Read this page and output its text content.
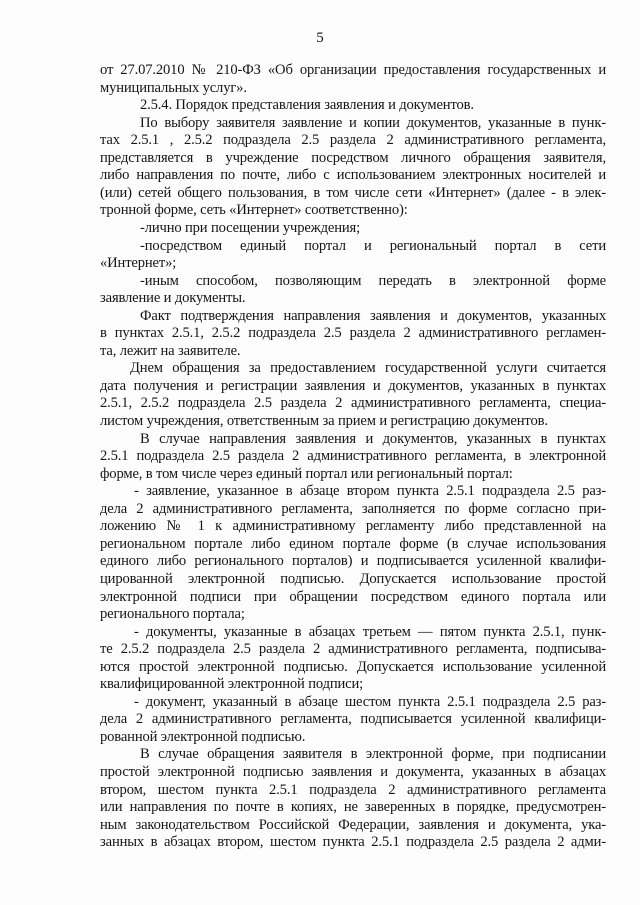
5
от 27.07.2010 № 210-ФЗ «Об организации предоставления государственных и
муниципальных услуг».
2.5.4. Порядок представления заявления и документов.
По выбору заявителя заявление и копии документов, указанные в пунк-
тах 2.5.1 , 2.5.2 подраздела 2.5 раздела 2 административного регламента,
представляется в учреждение посредством личного обращения заявителя,
либо направления по почте, либо с использованием электронных носителей и
(или) сетей общего пользования, в том числе сети «Интернет» (далее - в элек-
тронной форме, сеть «Интернет» соответственно):
-лично при посещении учреждения;
-посредством единый портал и региональный портал в сети
«Интернет»;
-иным способом, позволяющим передать в электронной форме
заявление и документы.
Факт подтверждения направления заявления и документов, указанных
в пунктах 2.5.1, 2.5.2 подраздела 2.5 раздела 2 административного регламен-
та, лежит на заявителе.
Днем обращения за предоставлением государственной услуги считается
дата получения и регистрации заявления и документов, указанных в пунктах
2.5.1, 2.5.2 подраздела 2.5 раздела 2 административного регламента, специа-
листом учреждения, ответственным за прием и регистрацию документов.
В случае направления заявления и документов, указанных в пунктах
2.5.1 подраздела 2.5 раздела 2 административного регламента, в электронной
форме, в том числе через единый портал или региональный портал:
- заявление, указанное в абзаце втором пункта 2.5.1 подраздела 2.5 раз-
дела 2 административного регламента, заполняется по форме согласно при-
ложению № 1 к административному регламенту либо представленной на
региональном портале либо едином портале форме (в случае использования
единого либо регионального порталов) и подписывается усиленной квалифи-
цированной электронной подписью. Допускается использование простой
электронной подписи при обращении посредством единого портала или
регионального портала;
- документы, указанные в абзацах третьем — пятом пункта 2.5.1, пунк-
те 2.5.2 подраздела 2.5 раздела 2 административного регламента, подписыва-
ются простой электронной подписью. Допускается использование усиленной
квалифицированной электронной подписи;
- документ, указанный в абзаце шестом пункта 2.5.1 подраздела 2.5 раз-
дела 2 административного регламента, подписывается усиленной квалифици-
рованной электронной подписью.
В случае обращения заявителя в электронной форме, при подписании
простой электронной подписью заявления и документа, указанных в абзацах
втором, шестом пункта 2.5.1 подраздела 2 административного регламента
или направления по почте в копиях, не заверенных в порядке, предусмотрен-
ным законодательством Российской Федерации, заявления и документа, ука-
занных в абзацах втором, шестом пункта 2.5.1 подраздела 2.5 раздела 2 адми-
